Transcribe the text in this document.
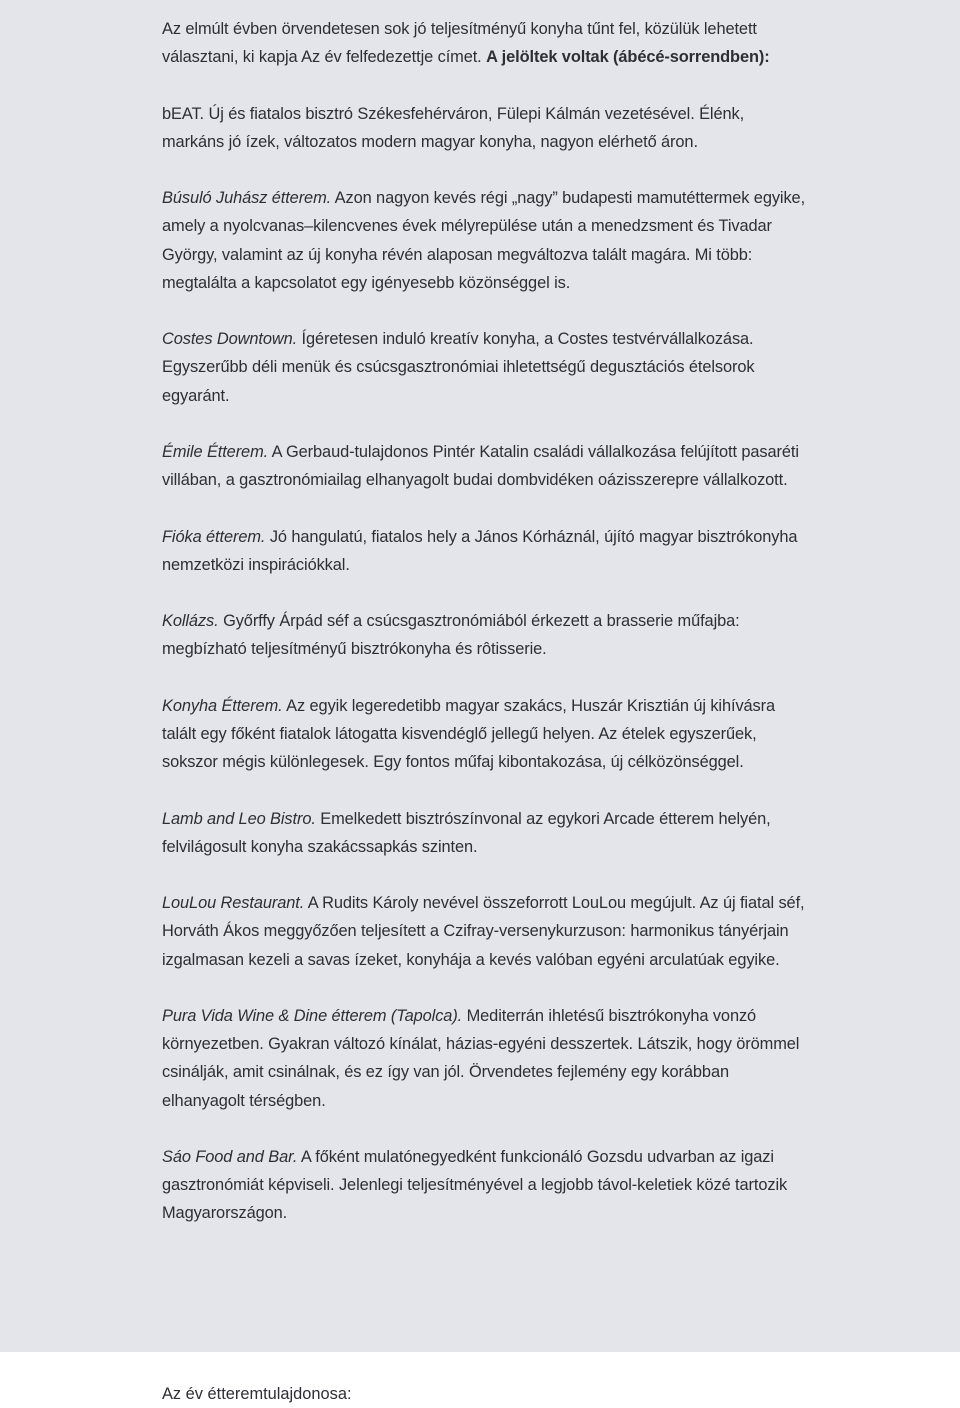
Az elmúlt évben örvendetesen sok jó teljesítményű konyha tűnt fel, közülük lehetett választani, ki kapja Az év felfedezettje címet. A jelöltek voltak (ábécé-sorrendben):

bEAT. Új és fiatalos bisztró Székesfehérváron, Fülepi Kálmán vezetésével. Élénk, markáns jó ízek, változatos modern magyar konyha, nagyon elérhető áron.

Búsuló Juhász étterem. Azon nagyon kevés régi „nagy” budapesti mamutéttermek egyike, amely a nyolcvanas–kilencvenes évek mélyrepülése után a menedzsment és Tivadar György, valamint az új konyha révén alaposan megváltozva talált magára. Mi több: megtalálta a kapcsolatot egy igényesebb közönséggel is.

Costes Downtown. Ígéretesen induló kreatív konyha, a Costes testvérvállalkozása. Egyszerűbb déli menük és csúcsgasztronómiai ihletettségű degusztációs ételsorok egyaránt.

Émile Étterem. A Gerbaud-tulajdonos Pintér Katalin családi vállalkozása felújított pasaréti villában, a gasztronómiailag elhanyagolt budai dombvidéken oázisszerepre vállalkozott.

Fióka étterem. Jó hangulatú, fiatalos hely a János Kórháznál, újító magyar bisztrókonyha nemzetközi inspirációkkal.

Kollázs. Győrffy Árpád séf a csúcsgasztronómiából érkezett a brasserie műfajba: megbízható teljesítményű bisztrókonyha és rôtisserie.

Konyha Étterem. Az egyik legeredetibb magyar szakács, Huszár Krisztián új kihívásra talált egy főként fiatalok látogatta kisvendéglő jellegű helyen. Az ételek egyszerűek, sokszor mégis különlegesek. Egy fontos műfaj kibontakozása, új célközönséggel.

Lamb and Leo Bistro. Emelkedett bisztrószínvonal az egykori Arcade étterem helyén, felvilágosult konyha szakácssapkás szinten.

LouLou Restaurant. A Rudits Károly nevével összeforrott LouLou megújult. Az új fiatal séf, Horváth Ákos meggyőzően teljesített a Czifray-versenykurzuson: harmonikus tányérjain izgalmasan kezeli a savas ízeket, konyhája a kevés valóban egyéni arculatúak egyike.

Pura Vida Wine & Dine étterem (Tapolca). Mediterrán ihletésű bisztrókonyha vonzó környezetben. Gyakran változó kínálat, házias-egyéni desszertek. Látszik, hogy örömmel csinálják, amit csinálnak, és ez így van jól. Örvendetes fejlemény egy korábban elhanyagolt térségben.

Sáo Food and Bar. A főként mulatónegyedként funkcionáló Gozsdu udvarban az igazi gasztronómiát képviseli. Jelenlegi teljesítményével a legjobb távol-keletiek közé tartozik Magyarországon.

Az év étteremtulajdonosa:
